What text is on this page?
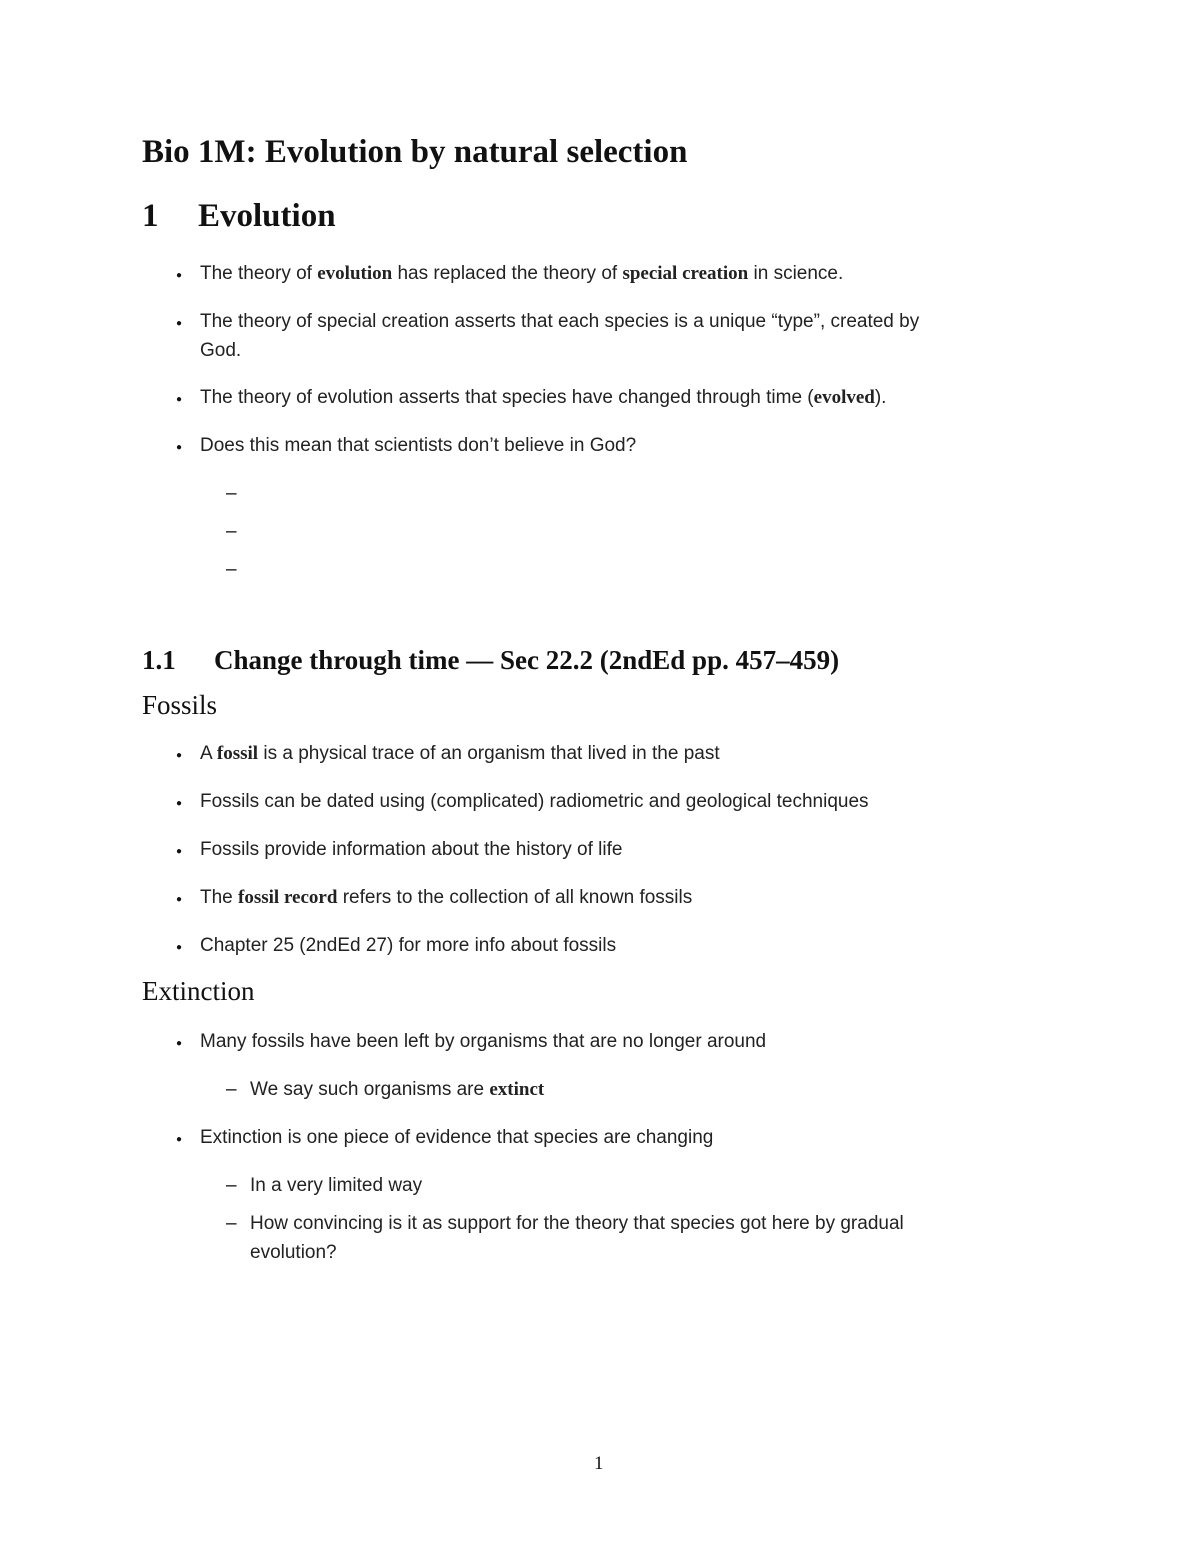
Bio 1M: Evolution by natural selection
1 Evolution
● The theory of evolution has replaced the theory of special creation in science.
● The theory of special creation asserts that each species is a unique “type”, created by
God.
● The theory of evolution asserts that species have changed through time (evolved).
● Does this mean that scientists don’t believe in God?
–
–
–
1.1 Change through time — Sec 22.2 (2ndEd pp. 457–459)
Fossils
● A fossil is a physical trace of an organism that lived in the past
● Fossils can be dated using (complicated) radiometric and geological techniques
● Fossils provide information about the history of life
● The fossil record refers to the collection of all known fossils
● Chapter 25 (2ndEd 27) for more info about fossils
Extinction
● Many fossils have been left by organisms that are no longer around
– We say such organisms are extinct
● Extinction is one piece of evidence that species are changing
– In a very limited way
– How convincing is it as support for the theory that species got here by gradual
evolution?
1
